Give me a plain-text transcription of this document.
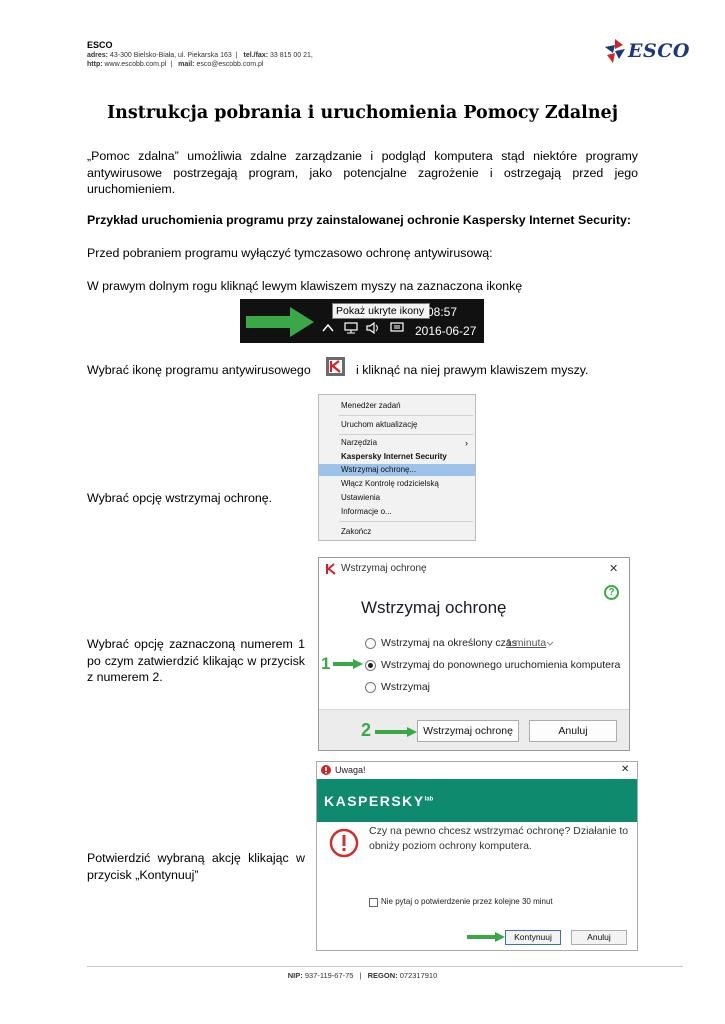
ESCO
adres: 43-300 Bielsko-Biała, ul. Piekarska 163 | tel./fax: 33 815 00 21,
http: www.escobb.com.pl | mail: esco@escobb.com.pl
ESCO
Instrukcja pobrania i uruchomienia Pomocy Zdalnej
„Pomoc zdalna” umożliwia zdalne zarządzanie i podgląd komputera stąd niektóre programy antywirusowe postrzegają program, jako potencjalne zagrożenie i ostrzegają przed jego uruchomieniem.
Przykład uruchomienia programu przy zainstalowanej ochronie Kaspersky Internet Security:
Przed pobraniem programu wyłączyć tymczasowo ochronę antywirusową:
W prawym dolnym rogu kliknąć lewym klawiszem myszy na zaznaczona ikonkę
Pokaż ukryte ikony 08:57
2016-06-27
Wybrać ikonę programu antywirusowego	i kliknąć na niej prawym klawiszem myszy.
Menedżer zadań
Uruchom aktualizację
Narzędzia	›
Kaspersky Internet Security
Wstrzymaj ochronę...
Włącz Kontrolę rodzicielską
Ustawienia
Informacje o...
Zakończ
Wybrać opcję wstrzymaj ochronę.
Wybrać opcję zaznaczoną numerem 1 po czym zatwierdzić klikając w przycisk z numerem 2.
Wstrzymaj ochronę	✕
?
Wstrzymaj ochronę
Wstrzymaj na określony czas
1 minuta
Wstrzymaj do ponownego uruchomienia komputera
Wstrzymaj
1
2	Wstrzymaj ochronę	Anuluj
Potwierdzić wybraną akcję klikając w przycisk „Kontynuuj”
Uwaga!	✕
$KASPERSKY^{lab}$
Czy na pewno chcesz wstrzymać ochronę? Działanie to obniży poziom ochrony komputera.
Nie pytaj o potwierdzenie przez kolejne 30 minut
Kontynuuj	Anuluj
NIP: 937-119-67-75 | REGON: 072317910
